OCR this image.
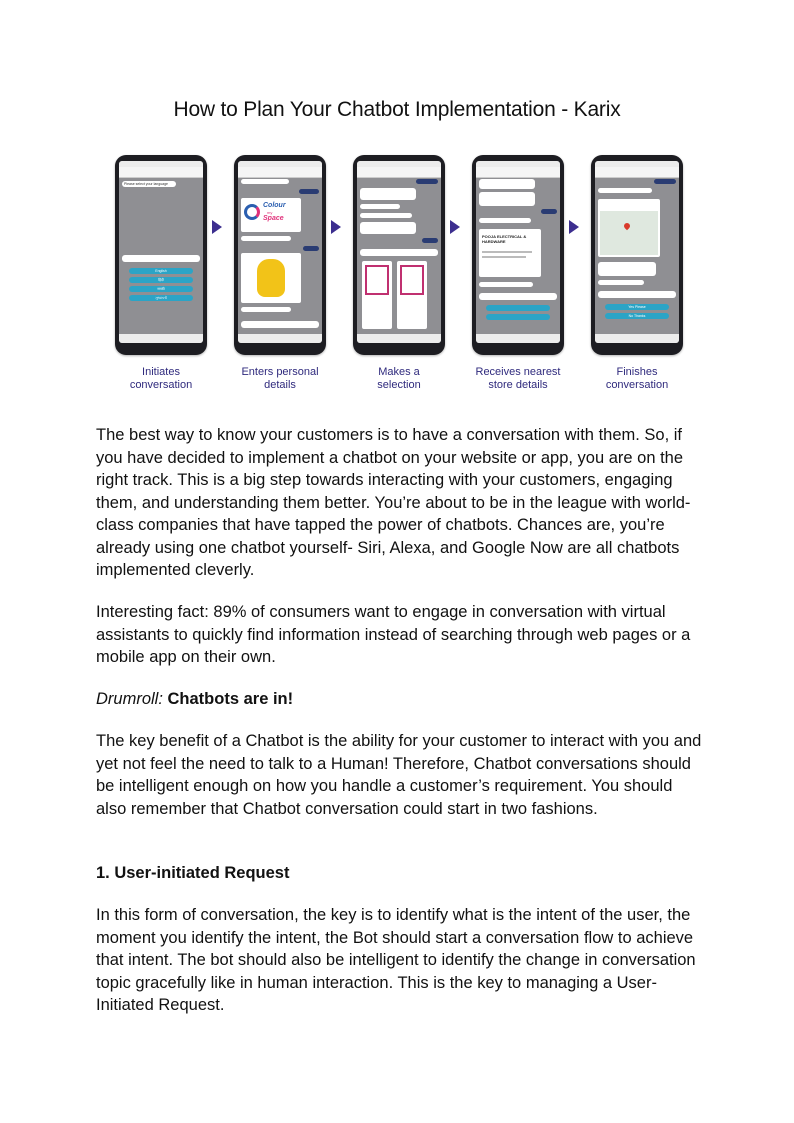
How to Plan Your Chatbot Implementation - Karix
Please select your language
English
हिंदी
मराठी
ગુજરાતી
Colour
my
Space
POOJA ELECTRICAL & HARDWARE
Yes Please
No Thanks
Initiates
conversation
Enters personal
details
Makes a
selection
Receives nearest
store details
Finishes
conversation

The best way to know your customers is to have a conversation with them. So, if you have decided to implement a chatbot on your website or app, you are on the right track. This is a big step towards interacting with your customers, engaging them, and understanding them better. You’re about to be in the league with world-class companies that have tapped the power of chatbots. Chances are, you’re already using one chatbot yourself- Siri, Alexa, and Google Now are all chatbots implemented cleverly.

Interesting fact: 89% of consumers want to engage in conversation with virtual assistants to quickly find information instead of searching through web pages or a mobile app on their own.

Drumroll: Chatbots are in!

The key benefit of a Chatbot is the ability for your customer to interact with you and yet not feel the need to talk to a Human! Therefore, Chatbot conversations should be intelligent enough on how you handle a customer’s requirement. You should also remember that Chatbot conversation could start in two fashions.

1. User-initiated Request

In this form of conversation, the key is to identify what is the intent of the user, the moment you identify the intent, the Bot should start a conversation flow to achieve that intent. The bot should also be intelligent to identify the change in conversation topic gracefully like in human interaction. This is the key to managing a User-Initiated Request.
